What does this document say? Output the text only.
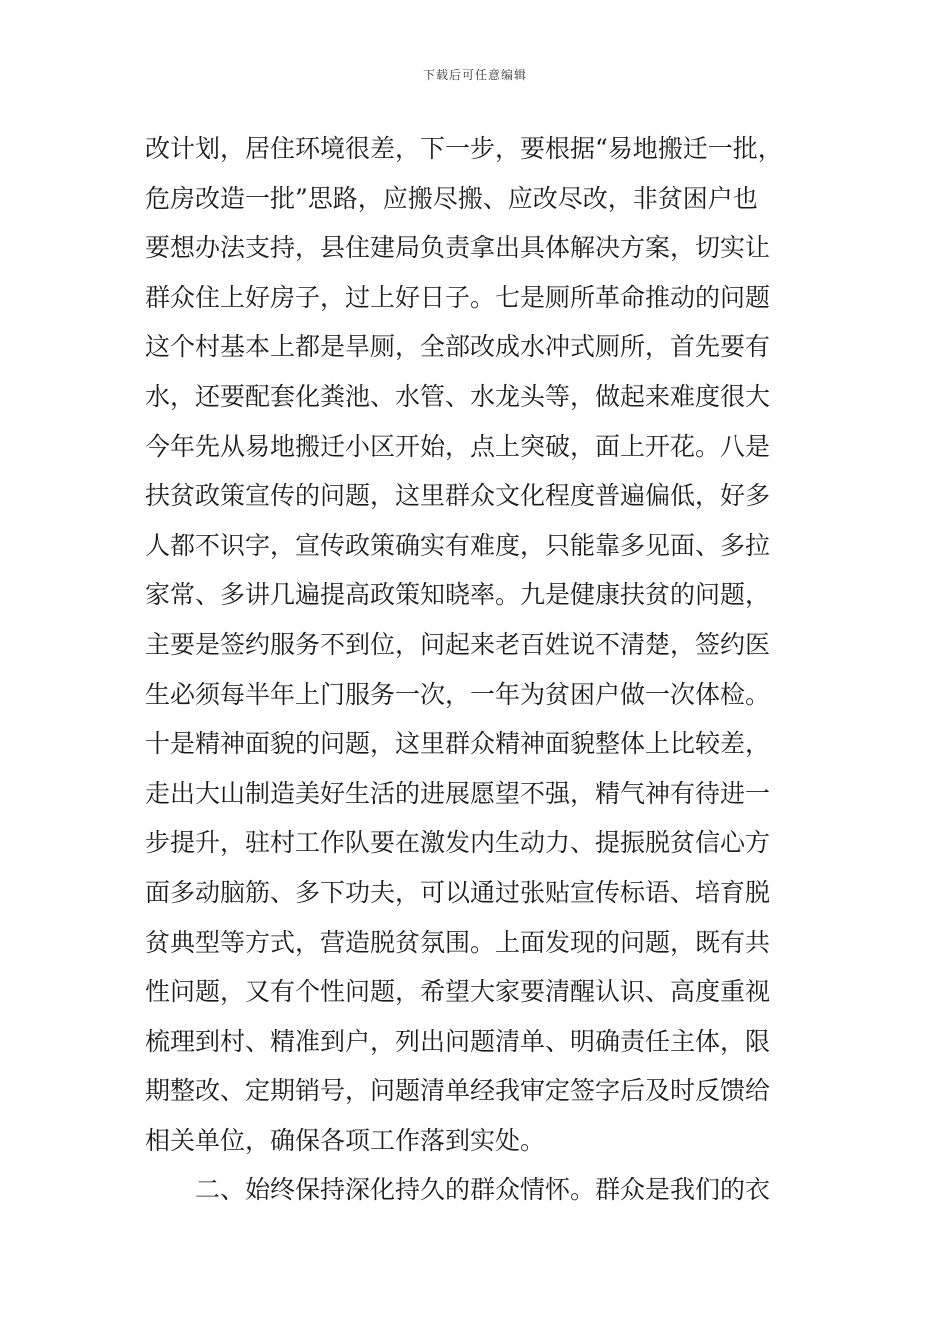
下载后可任意编辑
改计划，居住环境很差，下一步，要根据“易地搬迁一批，
危房改造一批”思路，应搬尽搬、应改尽改，非贫困户也
要想办法支持，县住建局负责拿出具体解决方案，切实让
群众住上好房子，过上好日子。七是厕所革命推动的问题
这个村基本上都是旱厕，全部改成水冲式厕所，首先要有
水，还要配套化粪池、水管、水龙头等，做起来难度很大
今年先从易地搬迁小区开始，点上突破，面上开花。八是
扶贫政策宣传的问题，这里群众文化程度普遍偏低，好多
人都不识字，宣传政策确实有难度，只能靠多见面、多拉
家常、多讲几遍提高政策知晓率。九是健康扶贫的问题，
主要是签约服务不到位，问起来老百姓说不清楚，签约医
生必须每半年上门服务一次，一年为贫困户做一次体检。
十是精神面貌的问题，这里群众精神面貌整体上比较差，
走出大山制造美好生活的进展愿望不强，精气神有待进一
步提升，驻村工作队要在激发内生动力、提振脱贫信心方
面多动脑筋、多下功夫，可以通过张贴宣传标语、培育脱
贫典型等方式，营造脱贫氛围。上面发现的问题，既有共
性问题，又有个性问题，希望大家要清醒认识、高度重视
梳理到村、精准到户，列出问题清单、明确责任主体，限
期整改、定期销号，问题清单经我审定签字后及时反馈给
相关单位，确保各项工作落到实处。
二、始终保持深化持久的群众情怀。群众是我们的衣
